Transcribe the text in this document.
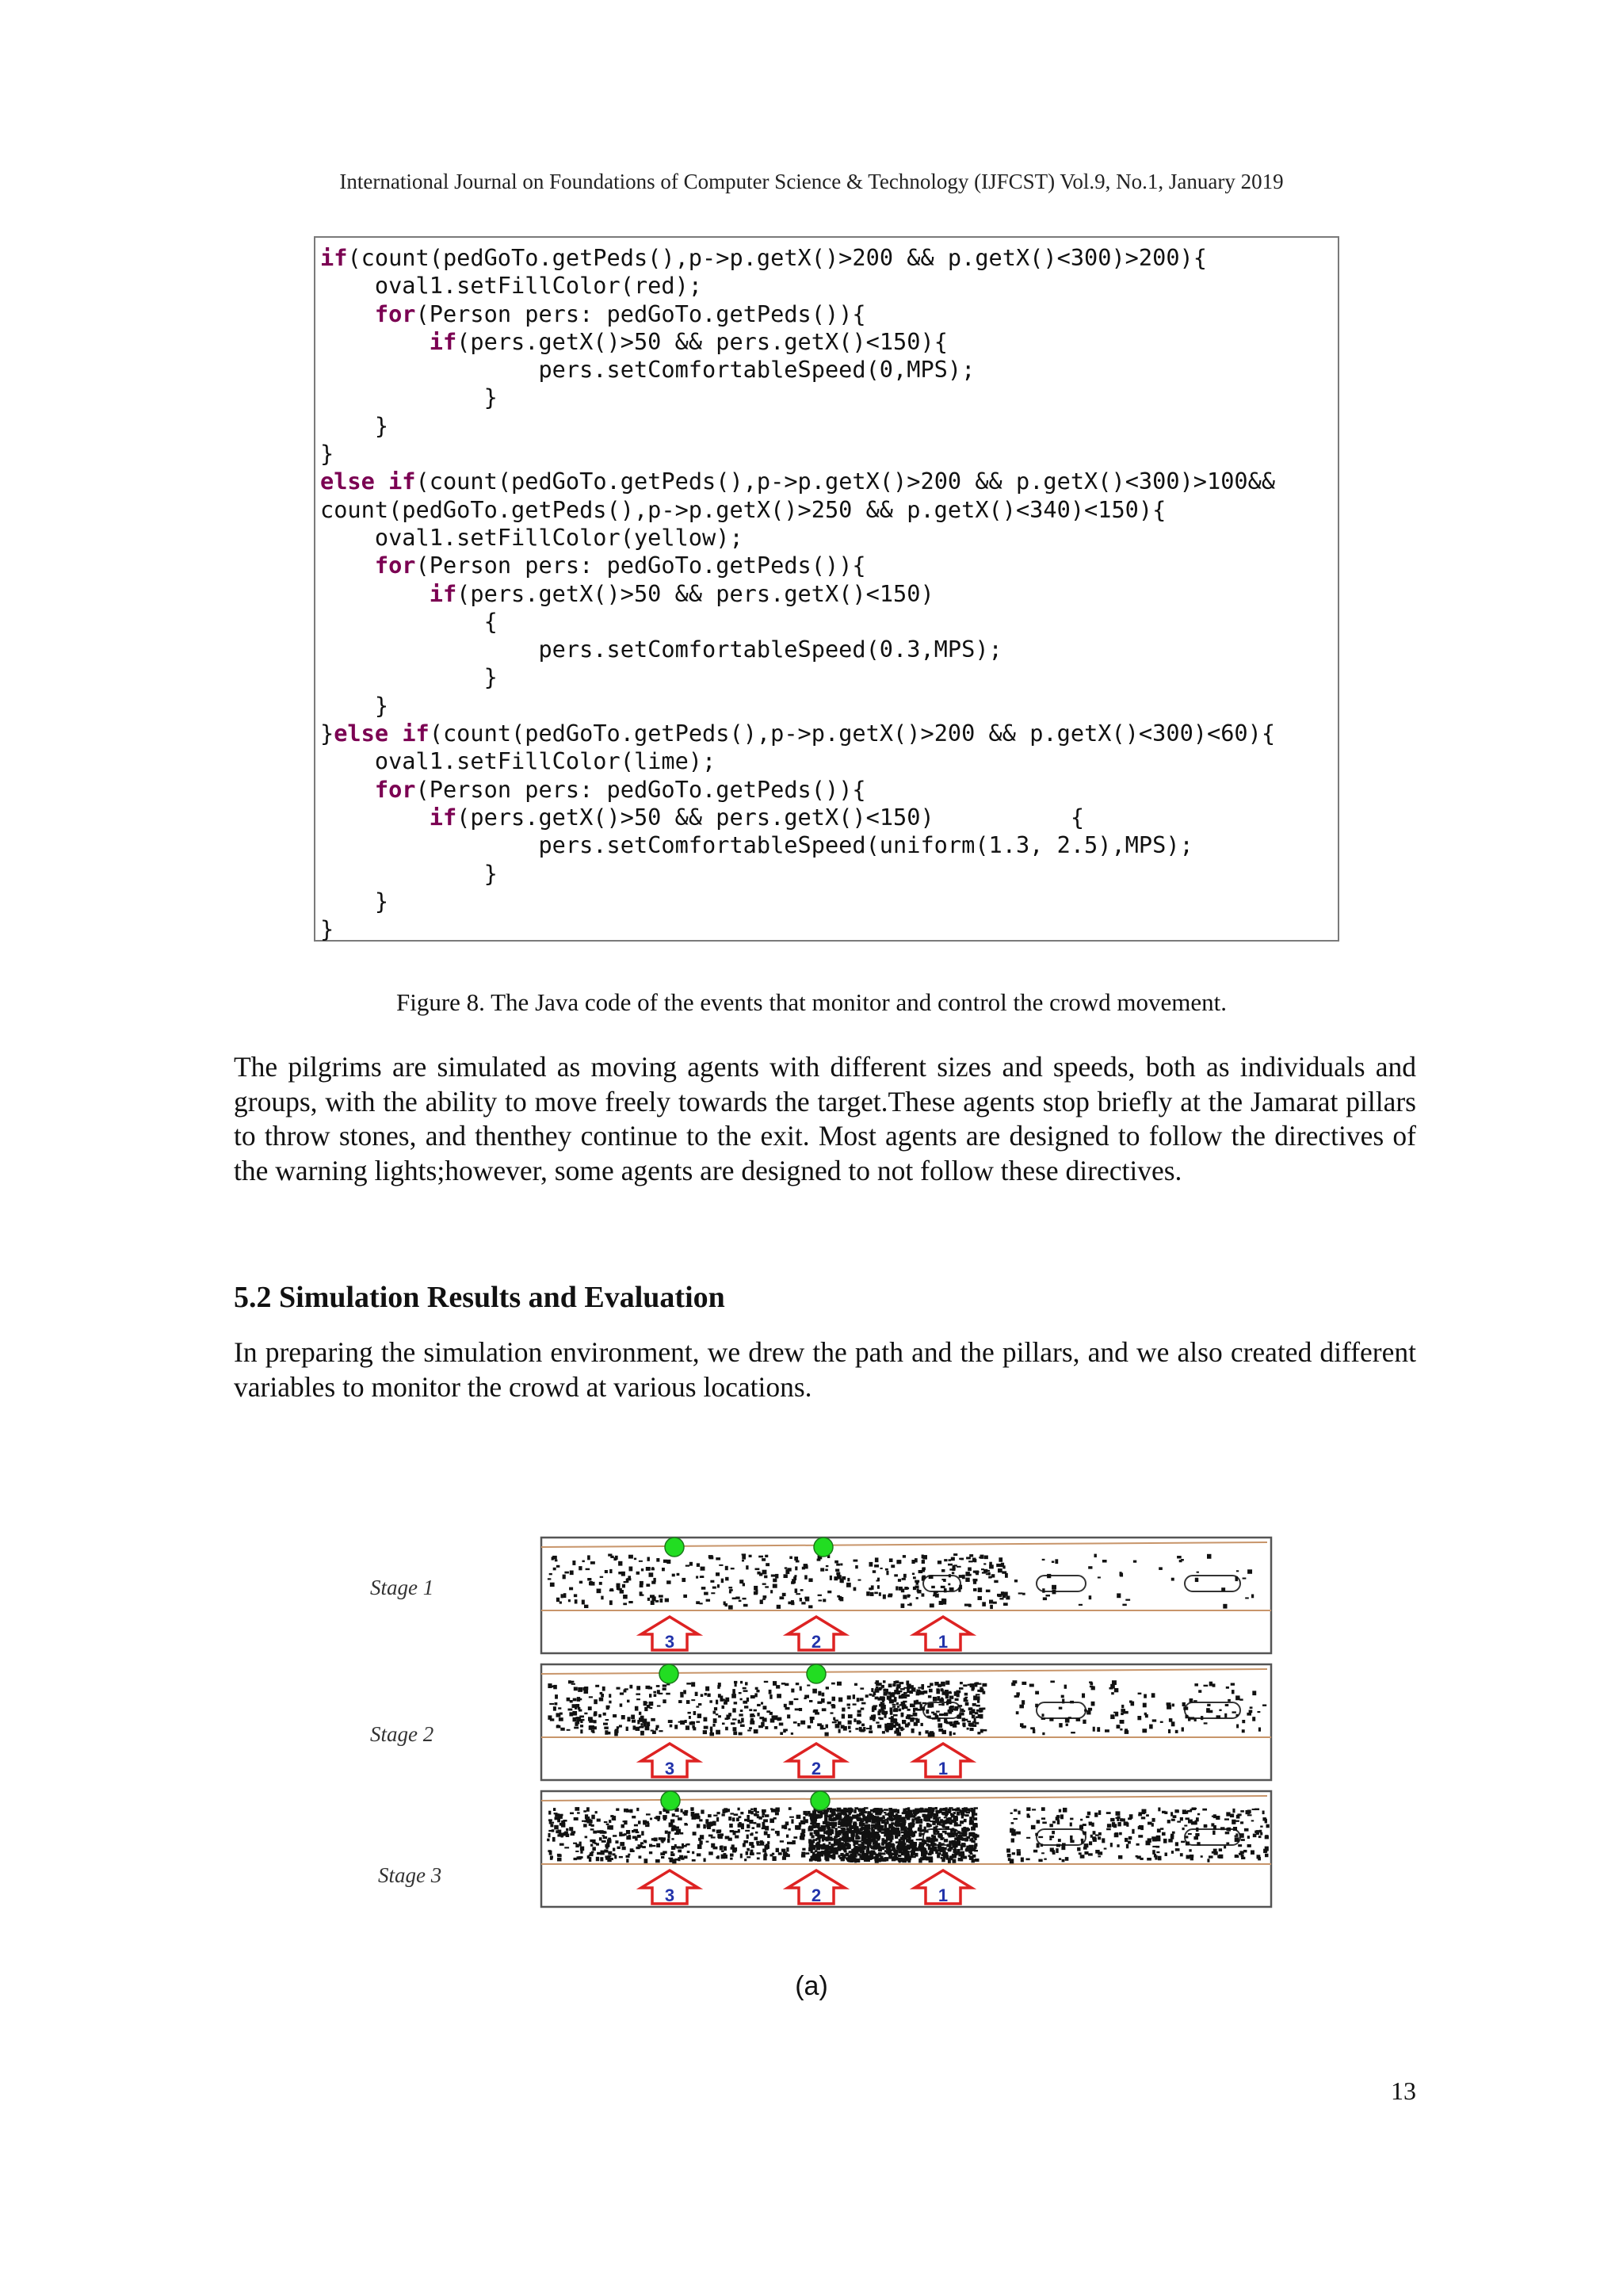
International Journal on Foundations of Computer Science & Technology (IJFCST) Vol.9, No.1, January 2019
if(count(pedGoTo.getPeds(),p->p.getX()>200 && p.getX()<300)>200){
oval1.setFillColor(red);
for(Person pers: pedGoTo.getPeds()){
if(pers.getX()>50 && pers.getX()<150){
pers.setComfortableSpeed(0,MPS);
}
}
}
else if(count(pedGoTo.getPeds(),p->p.getX()>200 && p.getX()<300)>100&&
count(pedGoTo.getPeds(),p->p.getX()>250 && p.getX()<340)<150){
oval1.setFillColor(yellow);
for(Person pers: pedGoTo.getPeds()){
if(pers.getX()>50 && pers.getX()<150)
{
pers.setComfortableSpeed(0.3,MPS);
}
}
}else if(count(pedGoTo.getPeds(),p->p.getX()>200 && p.getX()<300)<60){
oval1.setFillColor(lime);
for(Person pers: pedGoTo.getPeds()){
if(pers.getX()>50 && pers.getX()<150)          {
pers.setComfortableSpeed(uniform(1.3, 2.5),MPS);
}
}
}
Figure 8. The Java code of the events that monitor and control the crowd movement.
The pilgrims are simulated as moving agents with different sizes and speeds, both as individuals and groups, with the ability to move freely towards the target.These agents stop briefly at the Jamarat pillars to throw stones, and thenthey continue to the exit. Most agents are designed to follow the directives of the warning lights;however, some agents are designed to not follow these directives.
5.2 Simulation Results and Evaluation
In preparing the simulation environment, we drew the path and the pillars, and we also created different variables to monitor the crowd at various locations.
Stage 1
3	2	1
Stage 2
3	2	1
Stage 3
3	2	1
(a)
13
